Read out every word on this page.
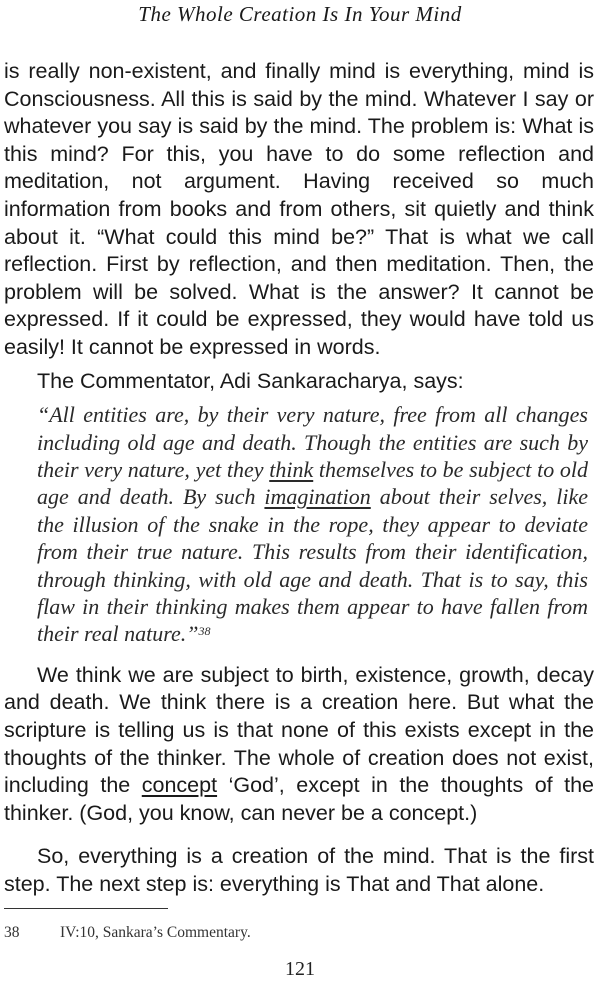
The Whole Creation Is In Your Mind

is really non-existent, and finally mind is everything, mind is Consciousness. All this is said by the mind. Whatever I say or whatever you say is said by the mind. The problem is: What is this mind? For this, you have to do some reflection and meditation, not argument. Having received so much information from books and from others, sit quietly and think about it. “What could this mind be?” That is what we call reflection. First by reflection, and then meditation. Then, the problem will be solved. What is the answer? It cannot be expressed. If it could be expressed, they would have told us easily! It cannot be expressed in words.

The Commentator, Adi Sankaracharya, says:

“All entities are, by their very nature, free from all changes including old age and death. Though the entities are such by their very nature, yet they think themselves to be subject to old age and death. By such imagination about their selves, like the illusion of the snake in the rope, they appear to deviate from their true nature. This results from their identification, through thinking, with old age and death. That is to say, this flaw in their thinking makes them appear to have fallen from their real nature.”$^{38}$

We think we are subject to birth, existence, growth, decay and death. We think there is a creation here. But what the scripture is telling us is that none of this exists except in the thoughts of the thinker. The whole of creation does not exist, including the concept ‘God’, except in the thoughts of the thinker. (God, you know, can never be a concept.)

So, everything is a creation of the mind. That is the first step. The next step is: everything is That and That alone.

38	IV:10, Sankara’s Commentary.
121
